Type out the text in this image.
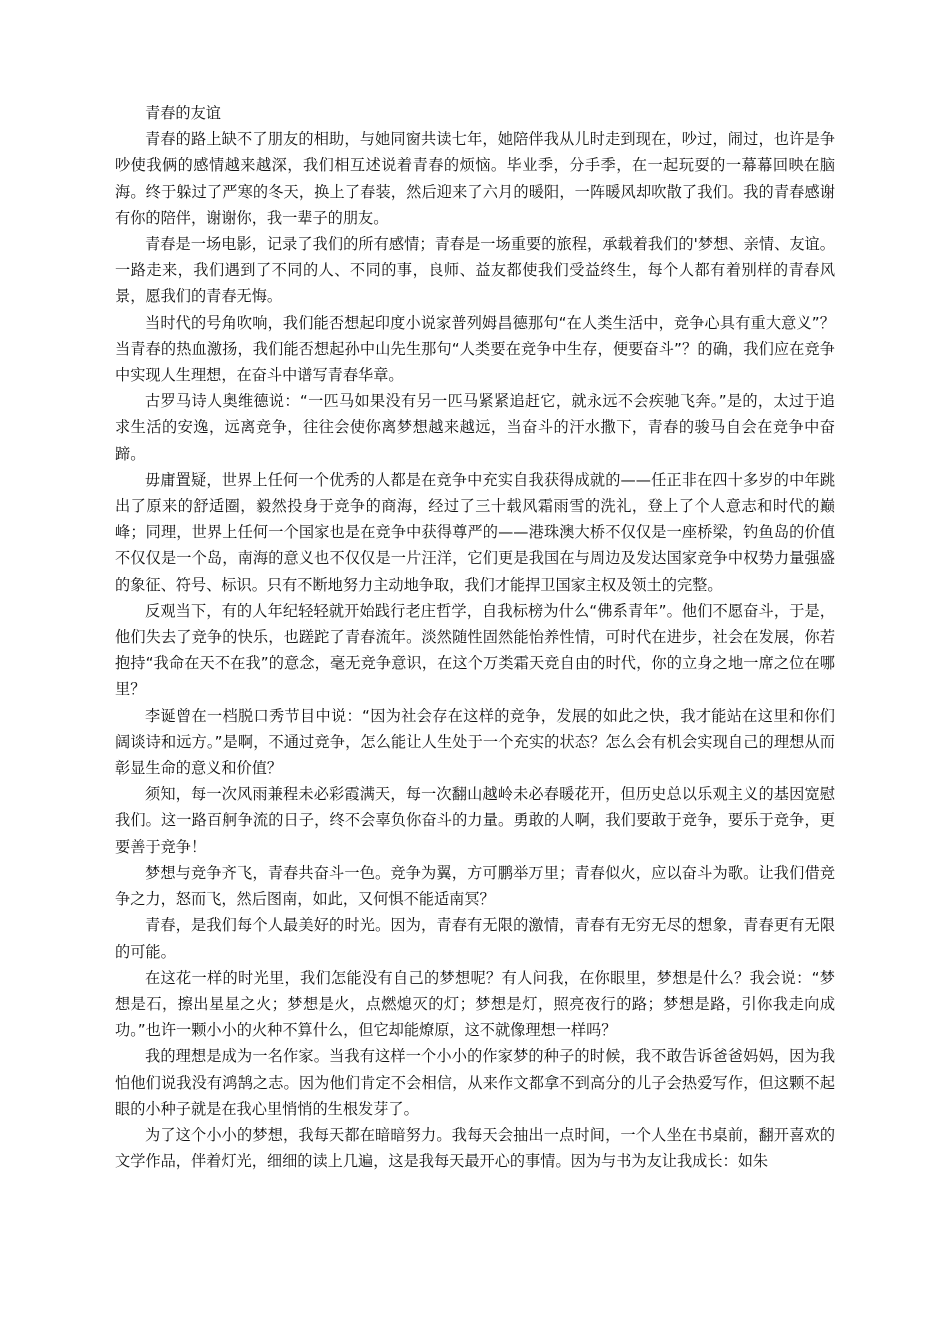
青春的友谊

青春的路上缺不了朋友的相助，与她同窗共读七年，她陪伴我从儿时走到现在，吵过，闹过，也许是争吵使我俩的感情越来越深，我们相互述说着青春的烦恼。毕业季，分手季，在一起玩耍的一幕幕回映在脑海。终于躲过了严寒的冬天，换上了春装，然后迎来了六月的暖阳，一阵暖风却吹散了我们。我的青春感谢有你的陪伴，谢谢你，我一辈子的朋友。

青春是一场电影，记录了我们的所有感情；青春是一场重要的旅程，承载着我们的'梦想、亲情、友谊。一路走来，我们遇到了不同的人、不同的事，良师、益友都使我们受益终生，每个人都有着别样的青春风景，愿我们的青春无悔。

当时代的号角吹响，我们能否想起印度小说家普列姆昌德那句“在人类生活中，竞争心具有重大意义”？当青春的热血激扬，我们能否想起孙中山先生那句“人类要在竞争中生存，便要奋斗”？的确，我们应在竞争中实现人生理想，在奋斗中谱写青春华章。

古罗马诗人奥维德说：“一匹马如果没有另一匹马紧紧追赶它，就永远不会疾驰飞奔。”是的，太过于追求生活的安逸，远离竞争，往往会使你离梦想越来越远，当奋斗的汗水撒下，青春的骏马自会在竞争中奋蹄。

毋庸置疑，世界上任何一个优秀的人都是在竞争中充实自我获得成就的——任正非在四十多岁的中年跳出了原来的舒适圈，毅然投身于竞争的商海，经过了三十载风霜雨雪的洗礼，登上了个人意志和时代的巅峰；同理，世界上任何一个国家也是在竞争中获得尊严的——港珠澳大桥不仅仅是一座桥梁，钓鱼岛的价值不仅仅是一个岛，南海的意义也不仅仅是一片汪洋，它们更是我国在与周边及发达国家竞争中权势力量强盛的象征、符号、标识。只有不断地努力主动地争取，我们才能捍卫国家主权及领土的完整。

反观当下，有的人年纪轻轻就开始践行老庄哲学，自我标榜为什么“佛系青年”。他们不愿奋斗，于是，他们失去了竞争的快乐，也蹉跎了青春流年。淡然随性固然能怡养性情，可时代在进步，社会在发展，你若抱持“我命在天不在我”的意念，毫无竞争意识，在这个万类霜天竞自由的时代，你的立身之地一席之位在哪里？

李诞曾在一档脱口秀节目中说：“因为社会存在这样的竞争，发展的如此之快，我才能站在这里和你们阔谈诗和远方。”是啊，不通过竞争，怎么能让人生处于一个充实的状态？怎么会有机会实现自己的理想从而彰显生命的意义和价值？

须知，每一次风雨兼程未必彩霞满天，每一次翻山越岭未必春暖花开，但历史总以乐观主义的基因宽慰我们。这一路百舸争流的日子，终不会辜负你奋斗的力量。勇敢的人啊，我们要敢于竞争，要乐于竞争，更要善于竞争！

梦想与竞争齐飞，青春共奋斗一色。竞争为翼，方可鹏举万里；青春似火，应以奋斗为歌。让我们借竞争之力，怒而飞，然后图南，如此，又何惧不能适南冥？

青春，是我们每个人最美好的时光。因为，青春有无限的激情，青春有无穷无尽的想象，青春更有无限的可能。

在这花一样的时光里，我们怎能没有自己的梦想呢？有人问我，在你眼里，梦想是什么？我会说：“梦想是石，擦出星星之火；梦想是火，点燃熄灭的灯；梦想是灯，照亮夜行的路；梦想是路，引你我走向成功。”也许一颗小小的火种不算什么，但它却能燎原，这不就像理想一样吗？

我的理想是成为一名作家。当我有这样一个小小的作家梦的种子的时候，我不敢告诉爸爸妈妈，因为我怕他们说我没有鸿鹄之志。因为他们肯定不会相信，从来作文都拿不到高分的儿子会热爱写作，但这颗不起眼的小种子就是在我心里悄悄的生根发芽了。

为了这个小小的梦想，我每天都在暗暗努力。我每天会抽出一点时间，一个人坐在书桌前，翻开喜欢的文学作品，伴着灯光，细细的读上几遍，这是我每天最开心的事情。因为与书为友让我成长：如朱
